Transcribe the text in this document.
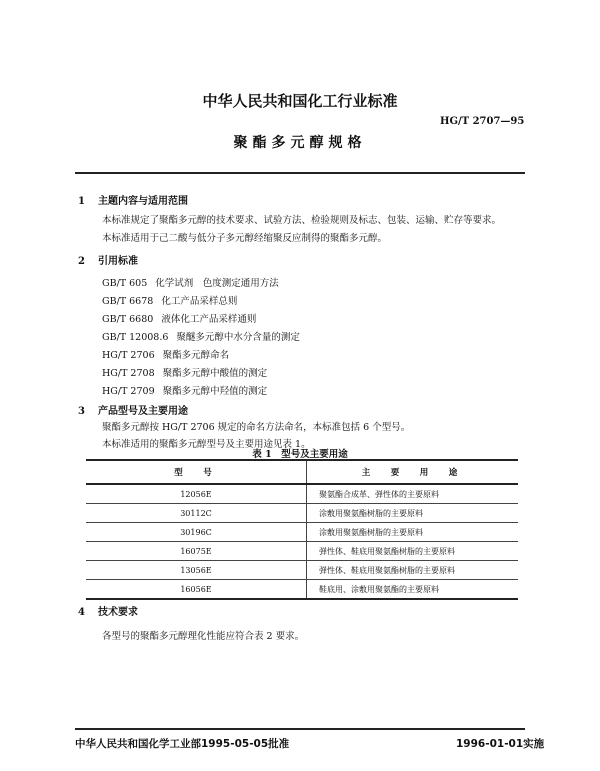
中华人民共和国化工行业标准
HG/T 2707—95
聚酯多元醇规格
1 主题内容与适用范围
本标准规定了聚酯多元醇的技术要求、试验方法、检验规则及标志、包装、运输、贮存等要求。
本标准适用于己二酸与低分子多元醇经缩聚反应制得的聚酯多元醇。
2 引用标准
GB/T 605 化学试剂　色度测定通用方法
GB/T 6678 化工产品采样总则
GB/T 6680 液体化工产品采样通则
GB/T 12008.6 聚醚多元醇中水分含量的测定
HG/T 2706 聚酯多元醇命名
HG/T 2708 聚酯多元醇中酸值的测定
HG/T 2709 聚酯多元醇中羟值的测定
3 产品型号及主要用途
聚酯多元醇按 HG/T 2706 规定的命名方法命名，本标准包括 6 个型号。
本标准适用的聚酯多元醇型号及主要用途见表 1。
表 1　型号及主要用途
型　号	主　要　用　途
12056E	聚氨酯合成革、弹性体的主要原料
30112C	涂敷用聚氨酯树脂的主要原料
30196C	涂敷用聚氨酯树脂的主要原料
16075E	弹性体、鞋底用聚氨酯树脂的主要原料
13056E	弹性体、鞋底用聚氨酯树脂的主要原料
16056E	鞋底用、涂敷用聚氨酯的主要原料
4 技术要求
各型号的聚酯多元醇理化性能应符合表 2 要求。
中华人民共和国化学工业部1995-05-05批准	1996-01-01实施
